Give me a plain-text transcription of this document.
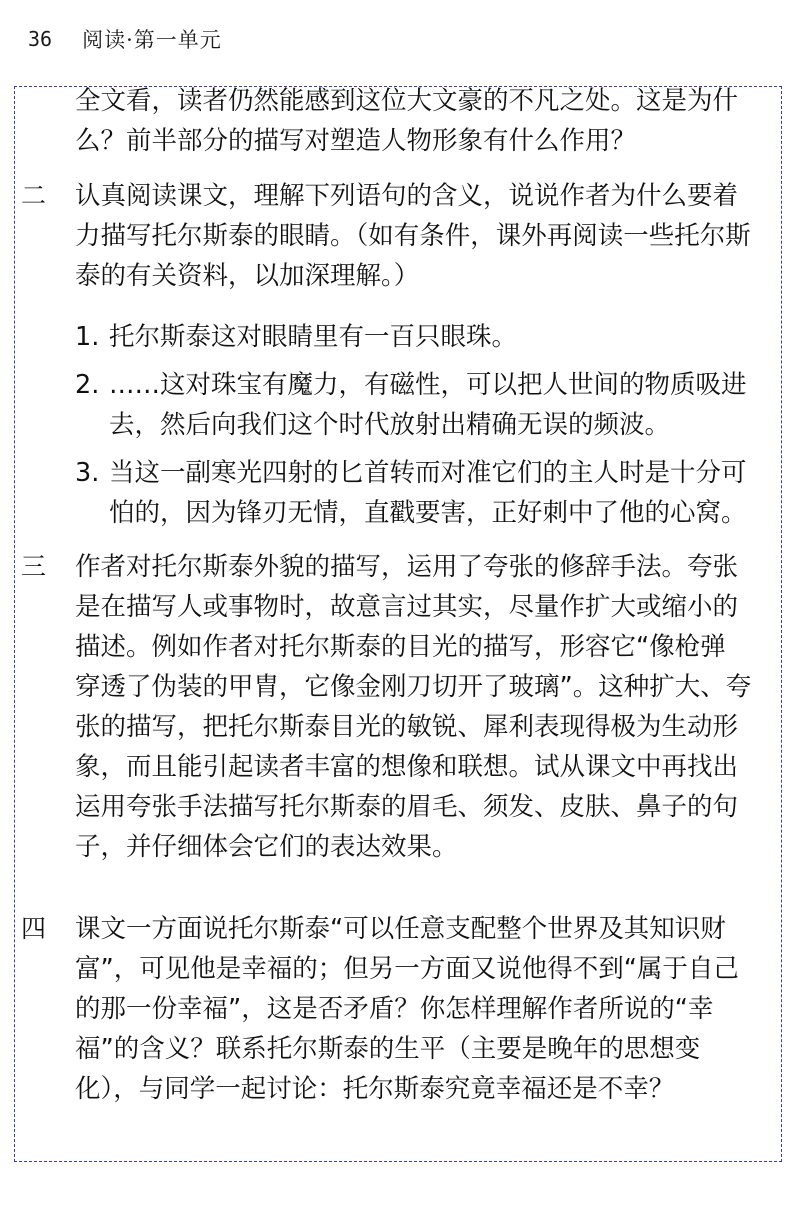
36 阅读·第一单元
全文看，读者仍然能感到这位大文豪的不凡之处。这是为什
么？前半部分的描写对塑造人物形象有什么作用？
二	认真阅读课文，理解下列语句的含义，说说作者为什么要着
力描写托尔斯泰的眼睛。（如有条件，课外再阅读一些托尔斯
泰的有关资料，以加深理解。）
1. 托尔斯泰这对眼睛里有一百只眼珠。
2. ……这对珠宝有魔力，有磁性，可以把人世间的物质吸进
去，然后向我们这个时代放射出精确无误的频波。
3. 当这一副寒光四射的匕首转而对准它们的主人时是十分可
怕的，因为锋刃无情，直戳要害，正好刺中了他的心窝。
三	作者对托尔斯泰外貌的描写，运用了夸张的修辞手法。夸张
是在描写人或事物时，故意言过其实，尽量作扩大或缩小的
描述。例如作者对托尔斯泰的目光的描写，形容它“像枪弹
穿透了伪装的甲胄，它像金刚刀切开了玻璃”。这种扩大、夸
张的描写，把托尔斯泰目光的敏锐、犀利表现得极为生动形
象，而且能引起读者丰富的想像和联想。试从课文中再找出
运用夸张手法描写托尔斯泰的眉毛、须发、皮肤、鼻子的句
子，并仔细体会它们的表达效果。
四	课文一方面说托尔斯泰“可以任意支配整个世界及其知识财
富”，可见他是幸福的；但另一方面又说他得不到“属于自己
的那一份幸福”，这是否矛盾？你怎样理解作者所说的“幸
福”的含义？联系托尔斯泰的生平（主要是晚年的思想变
化），与同学一起讨论：托尔斯泰究竟幸福还是不幸？
